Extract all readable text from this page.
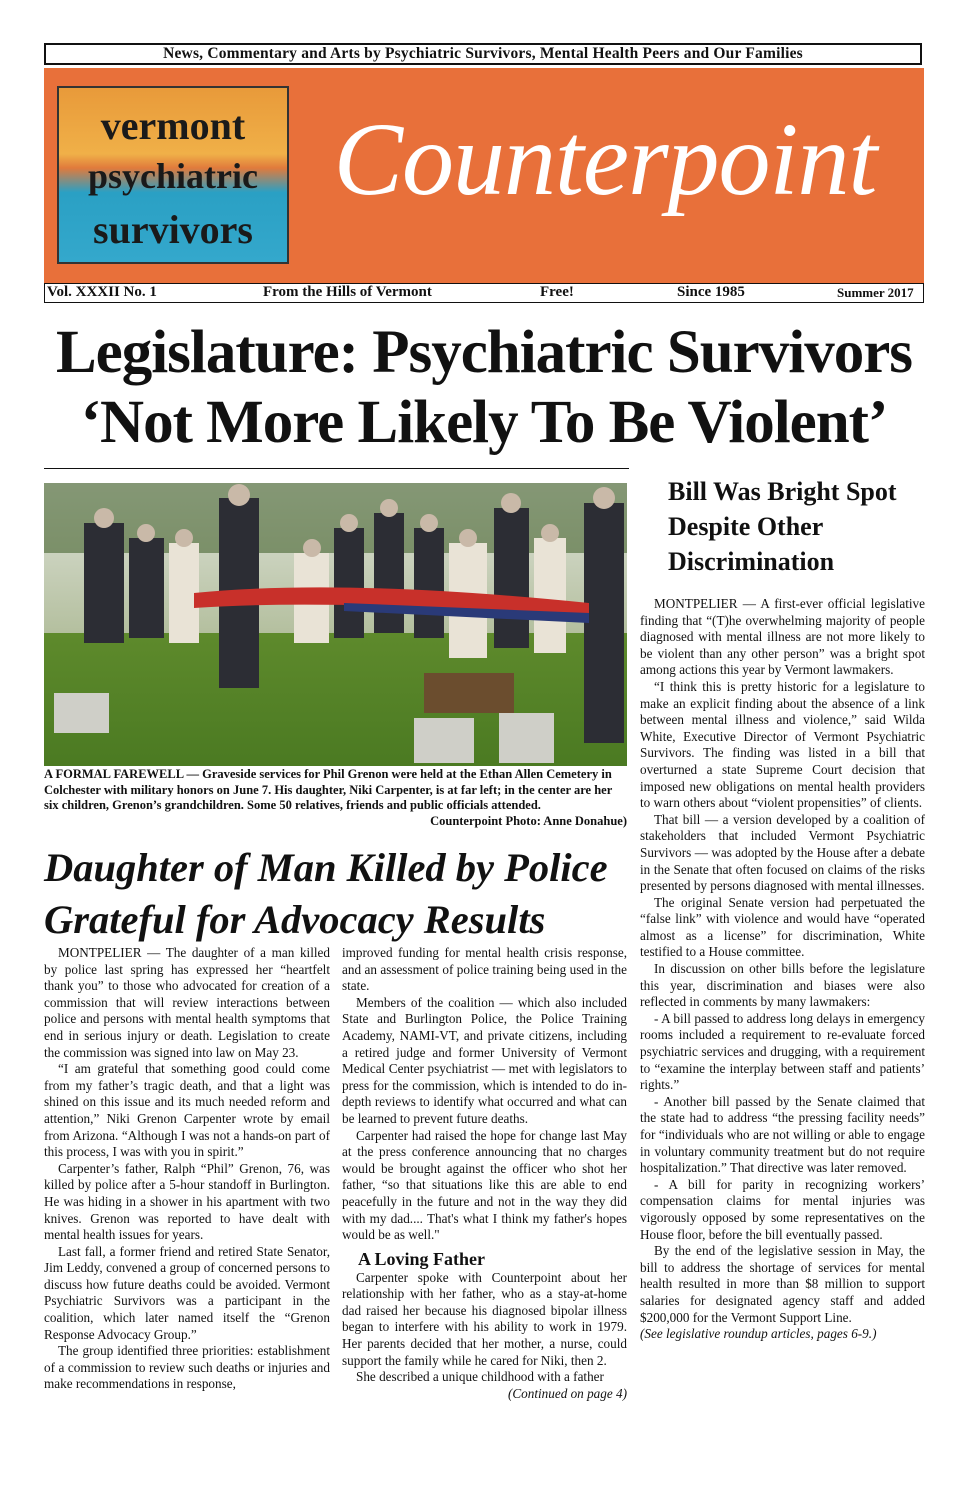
News, Commentary and Arts by Psychiatric Survivors, Mental Health Peers and Our Families
vermont
psychiatric
survivors
Counterpoint
Vol. XXXII No. 1	From the Hills of Vermont	Free!	Since 1985	Summer 2017
Legislature: Psychiatric Survivors
‘Not More Likely To Be Violent’
A FORMAL FAREWELL — Graveside services for Phil Grenon were held at the Ethan Allen Cemetery in Colchester with military honors on June 7. His daughter, Niki Carpenter, is at far left; in the center are her six children, Grenon’s grandchildren. Some 50 relatives, friends and public officials attended.
Counterpoint Photo: Anne Donahue)
Daughter of Man Killed by Police
Grateful for Advocacy Results

MONTPELIER — The daughter of a man killed by police last spring has expressed her “heartfelt thank you” to those who advocated for creation of a commission that will review interactions between police and persons with mental health symptoms that end in serious injury or death. Legislation to create the commission was signed into law on May 23.

“I am grateful that something good could come from my father’s tragic death, and that a light was shined on this issue and its much needed reform and attention,” Niki Grenon Carpenter wrote by email from Arizona. “Although I was not a hands-on part of this process, I was with you in spirit.”

Carpenter’s father, Ralph “Phil” Grenon, 76, was killed by police after a 5-hour standoff in Burlington. He was hiding in a shower in his apartment with two knives. Grenon was reported to have dealt with mental health issues for years.

Last fall, a former friend and retired State Senator, Jim Leddy, convened a group of concerned persons to discuss how future deaths could be avoided. Vermont Psychiatric Survivors was a participant in the coalition, which later named itself the “Grenon Response Advocacy Group.”

The group identified three priorities: establishment of a commission to review such deaths or injuries and make recommendations in response,

improved funding for mental health crisis response, and an assessment of police training being used in the state.

Members of the coalition — which also included State and Burlington Police, the Police Training Academy, NAMI-VT, and private citizens, including a retired judge and former University of Vermont Medical Center psychiatrist — met with legislators to press for the commission, which is intended to do in-depth reviews to identify what occurred and what can be learned to prevent future deaths.

Carpenter had raised the hope for change last May at the press conference announcing that no charges would be brought against the officer who shot her father, “so that situations like this are able to end peacefully in the future and not in the way they did with my dad.... That's what I think my father's hopes would be as well."

A Loving Father

Carpenter spoke with Counterpoint about her relationship with her father, who as a stay-at-home dad raised her because his diagnosed bipolar illness began to interfere with his ability to work in 1979. Her parents decided that her mother, a nurse, could support the family while he cared for Niki, then 2.

She described a unique childhood with a father

(Continued on page 4)

Bill Was Bright Spot Despite Other Discrimination

MONTPELIER — A first-ever official legislative finding that “(T)he overwhelming majority of people diagnosed with mental illness are not more likely to be violent than any other person” was a bright spot among actions this year by Vermont lawmakers.

“I think this is pretty historic for a legislature to make an explicit finding about the absence of a link between mental illness and violence,” said Wilda White, Executive Director of Vermont Psychiatric Survivors. The finding was listed in a bill that overturned a state Supreme Court decision that imposed new obligations on mental health providers to warn others about “violent propensities” of clients.

That bill — a version developed by a coalition of stakeholders that included Vermont Psychiatric Survivors — was adopted by the House after a debate in the Senate that often focused on claims of the risks presented by persons diagnosed with mental illnesses.

The original Senate version had perpetuated the “false link” with violence and would have “operated almost as a license” for discrimination, White testified to a House committee.

In discussion on other bills before the legislature this year, discrimination and biases were also reflected in comments by many lawmakers:

- A bill passed to address long delays in emergency rooms included a requirement to re-evaluate forced psychiatric services and drugging, with a requirement to “examine the interplay between staff and patients’ rights.”

- Another bill passed by the Senate claimed that the state had to address “the pressing facility needs” for “individuals who are not willing or able to engage in voluntary community treatment but do not require hospitalization.” That directive was later removed.

- A bill for parity in recognizing workers’ compensation claims for mental injuries was vigorously opposed by some representatives on the House floor, before the bill eventually passed.

By the end of the legislative session in May, the bill to address the shortage of services for mental health resulted in more than $8 million to support salaries for designated agency staff and added $200,000 for the Vermont Support Line.

(See legislative roundup articles, pages 6-9.)
